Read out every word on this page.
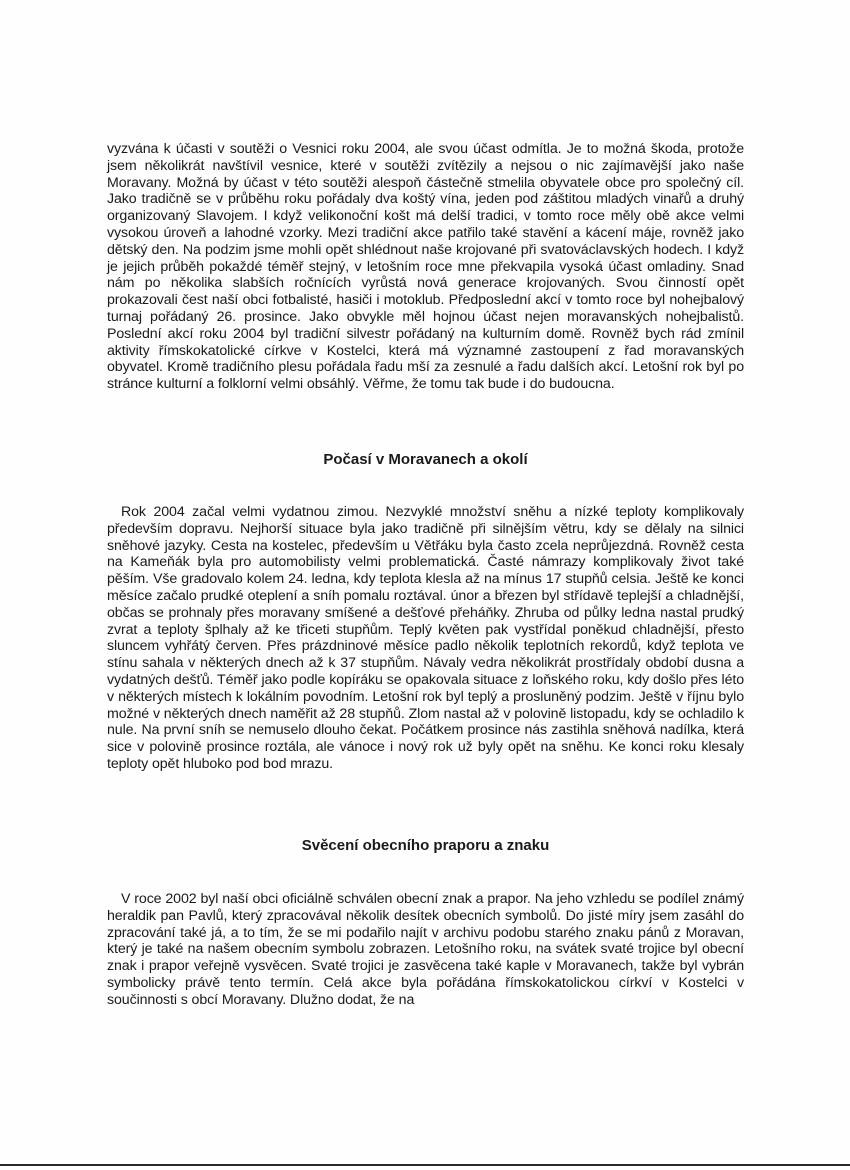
vyzvána k účasti v soutěži o Vesnici roku 2004, ale svou účast odmítla. Je to možná škoda, protože jsem několikrát navštívil vesnice, které v soutěži zvítězily a nejsou o nic zajímavější jako naše Moravany. Možná by účast v této soutěži alespoň částečně stmelila obyvatele obce pro společný cíl. Jako tradičně se v průběhu roku pořádaly dva koštý vína, jeden pod záštitou mladých vinařů a druhý organizovaný Slavojem. I když velikonoční košt má delší tradici, v tomto roce měly obě akce velmi vysokou úroveň a lahodné vzorky. Mezi tradiční akce patřilo také stavění a kácení máje, rovněž jako dětský den. Na podzim jsme mohli opět shlédnout naše krojované při svatováclavských hodech. I když je jejich průběh pokaždé téměř stejný, v letošním roce mne překvapila vysoká účast omladiny. Snad nám po několika slabších ročnících vyrůstá nová generace krojovaných. Svou činností opět prokazovali čest naší obci fotbalisté, hasiči i motoklub. Předposlední akcí v tomto roce byl nohejbalový turnaj pořádaný 26. prosince. Jako obvykle měl hojnou účast nejen moravanských nohejbalistů. Poslední akcí roku 2004 byl tradiční silvestr pořádaný na kulturním domě. Rovněž bych rád zmínil aktivity římskokatolické církve v Kostelci, která má významné zastoupení z řad moravanských obyvatel. Kromě tradičního plesu pořádala řadu mší za zesnulé a řadu dalších akcí. Letošní rok byl po stránce kulturní a folklorní velmi obsáhlý. Věřme, že tomu tak bude i do budoucna.

Počasí v Moravanech a okolí

Rok 2004 začal velmi vydatnou zimou. Nezvyklé množství sněhu a nízké teploty komplikovaly především dopravu. Nejhorší situace byla jako tradičně při silnějším větru, kdy se dělaly na silnici sněhové jazyky. Cesta na kostelec, především u Větřáku byla často zcela neprůjezdná. Rovněž cesta na Kameňák byla pro automobilisty velmi problematická. Časté námrazy komplikovaly život také pěším. Vše gradovalo kolem 24. ledna, kdy teplota klesla až na mínus 17 stupňů celsia. Ještě ke konci měsíce začalo prudké oteplení a sníh pomalu roztával. únor a březen byl střídavě teplejší a chladnější, občas se prohnaly přes moravany smíšené a dešťové přeháňky. Zhruba od půlky ledna nastal prudký zvrat a teploty šplhaly až ke třiceti stupňům. Teplý květen pak vystřídal poněkud chladnější, přesto sluncem vyhřátý červen. Přes prázdninové měsíce padlo několik teplotních rekordů, když teplota ve stínu sahala v některých dnech až k 37 stupňům. Návaly vedra několikrát prostřídaly období dusna a vydatných dešťů. Téměř jako podle kopíráku se opakovala situace z loňského roku, kdy došlo přes léto v některých místech k lokálním povodním. Letošní rok byl teplý a prosluněný podzim. Ještě v říjnu bylo možné v některých dnech naměřit až 28 stupňů. Zlom nastal až v polovině listopadu, kdy se ochladilo k nule. Na první sníh se nemuselo dlouho čekat. Počátkem prosince nás zastihla sněhová nadílka, která sice v polovině prosince roztála, ale vánoce i nový rok už byly opět na sněhu. Ke konci roku klesaly teploty opět hluboko pod bod mrazu.

Svěcení obecního praporu a znaku

V roce 2002 byl naší obci oficiálně schválen obecní znak a prapor. Na jeho vzhledu se podílel známý heraldik pan Pavlů, který zpracovával několik desítek obecních symbolů. Do jisté míry jsem zasáhl do zpracování také já, a to tím, že se mi podařilo najít v archivu podobu starého znaku pánů z Moravan, který je také na našem obecním symbolu zobrazen. Letošního roku, na svátek svaté trojice byl obecní znak i prapor veřejně vysvěcen. Svaté trojici je zasvěcena také kaple v Moravanech, takže byl vybrán symbolicky právě tento termín. Celá akce byla pořádána římskokatolickou církví v Kostelci v součinnosti s obcí Moravany. Dlužno dodat, že na
